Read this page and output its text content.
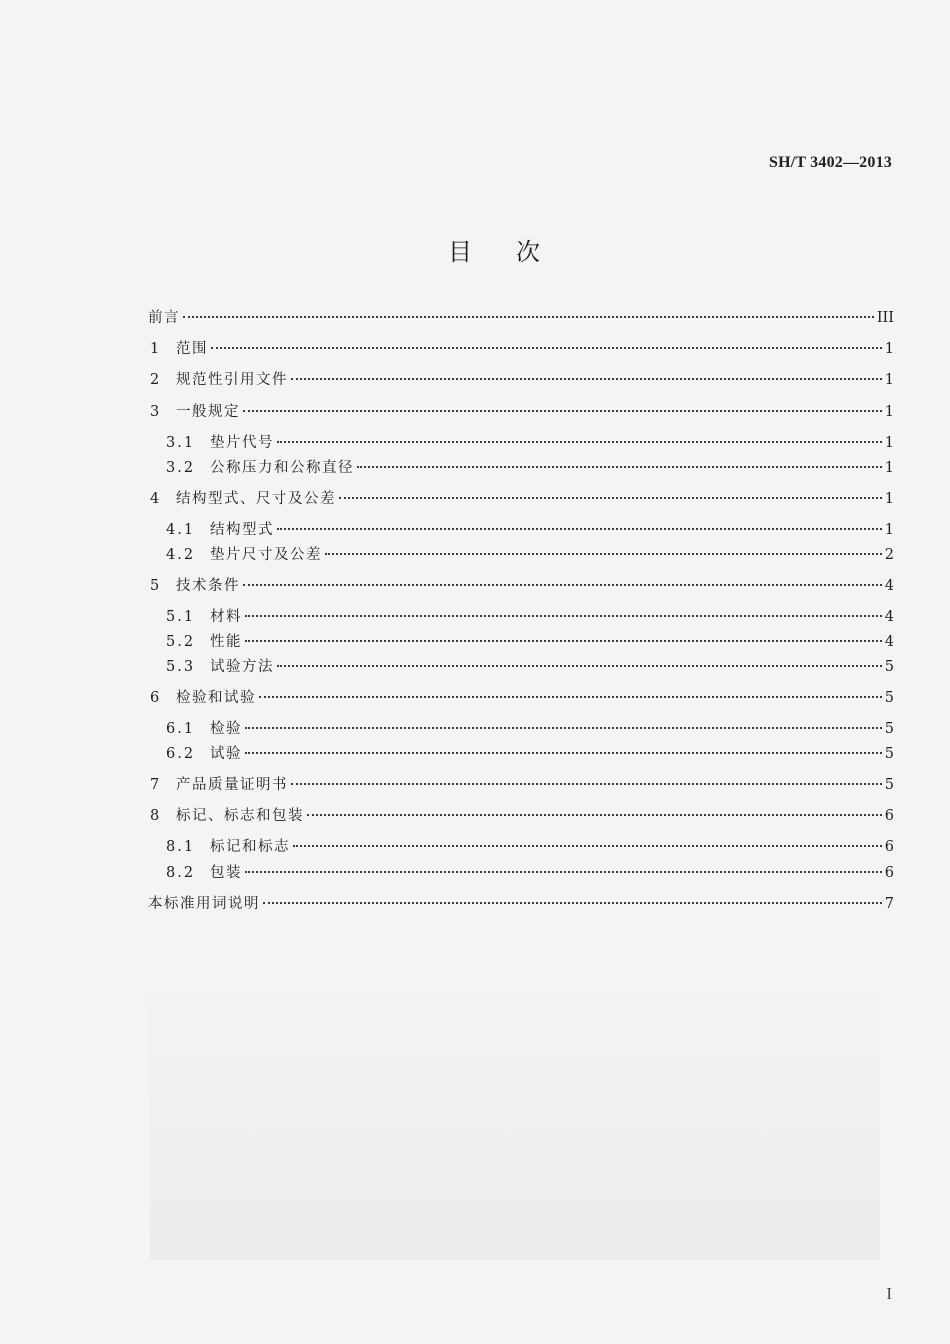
SH/T 3402—2013
目次
前言	III
1	范围	1
2	规范性引用文件	1
3	一般规定	1
3.1	垫片代号	1
3.2	公称压力和公称直径	1
4	结构型式、尺寸及公差	1
4.1	结构型式	1
4.2	垫片尺寸及公差	2
5	技术条件	4
5.1	材料	4
5.2	性能	4
5.3	试验方法	5
6	检验和试验	5
6.1	检验	5
6.2	试验	5
7	产品质量证明书	5
8	标记、标志和包装	6
8.1	标记和标志	6
8.2	包装	6
本标准用词说明	7
I
